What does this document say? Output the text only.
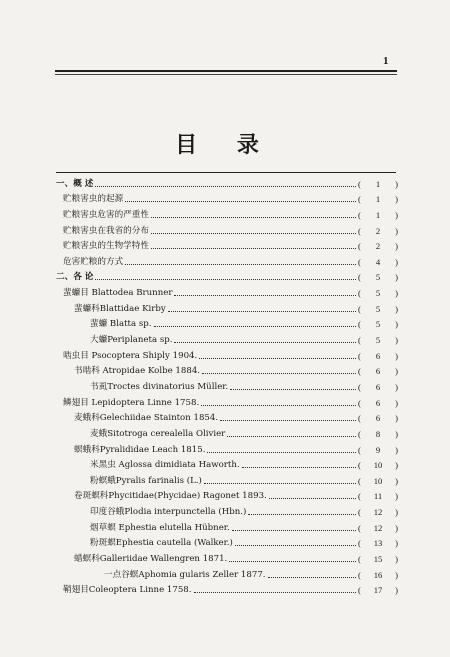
1
目 录
一、概 述	(	1	)
贮粮害虫的起源	(	1	)
贮粮害虫危害的严重性	(	1	)
贮粮害虫在我省的分布	(	2	)
贮粮害虫的生物学特性	(	2	)
危害贮粮的方式	(	4	)
二、各 论	(	5	)
蜚蠊目 Blattodea Brunner	(	5	)
蜚蠊科Blattidae Kirby	(	5	)
蜚蠊 Blatta sp.	(	5	)
大蠊Periplaneta sp.	(	5	)
啮虫目 Psocoptera Shiply 1904.	(	6	)
书啮科 Atropidae Kolbe 1884.	(	6	)
书虱Troctes divinatorius Müller.	(	6	)
鳞翅目 Lepidoptera Linne 1758.	(	6	)
麦蛾科Gelechiidae Stainton 1854.	(	6	)
麦蛾Sitotroga cerealella Olivier	(	8	)
螟蛾科Pyralididae Leach 1815.	(	9	)
米黑虫 Aglossa dimidiata Haworth.	(	10	)
粉螟蛾Pyralis farinalis (L.)	(	10	)
卷斑螟科Phycitidae(Phycidae) Ragonet 1893.	(	11	)
印度谷蛾Plodia interpunctella (Hbn.)	(	12	)
烟草螟 Ephestia elutella Hübner.	(	12	)
粉斑螟Ephestia cautella (Walker.)	(	13	)
蜡螟科Galleriidae Wallengren 1871.	(	15	)
一点谷螟Aphomia gularis Zeller 1877.	(	16	)
鞘翅目Coleoptera Linne 1758.	(	17	)
